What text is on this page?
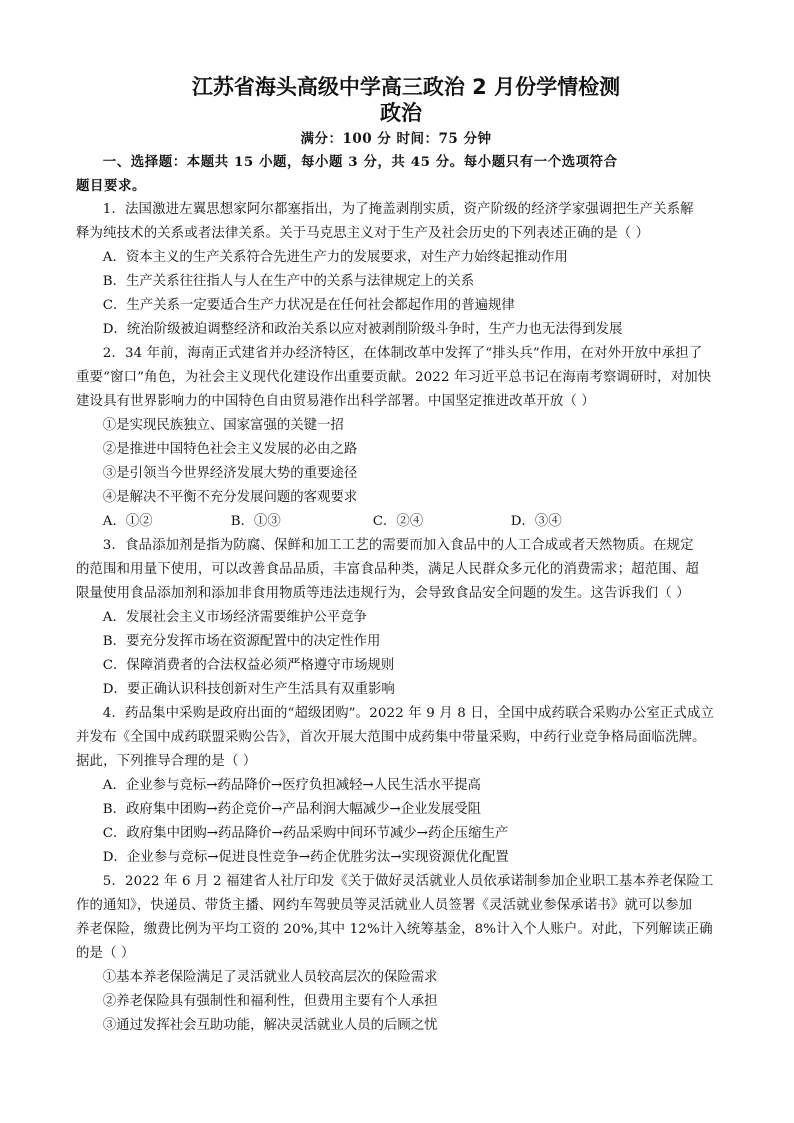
江苏省海头高级中学高三政治 2 月份学情检测
政治
满分：100 分 时间：75 分钟

一、选择题：本题共 15 小题，每小题 3 分，共 45 分。每小题只有一个选项符合

题目要求。

1．法国激进左翼思想家阿尔都塞指出，为了掩盖剥削实质，资产阶级的经济学家强调把生产关系解

释为纯技术的关系或者法律关系。关于马克思主义对于生产及社会历史的下列表述正确的是（ ）

A．资本主义的生产关系符合先进生产力的发展要求，对生产力始终起推动作用

B．生产关系往往指人与人在生产中的关系与法律规定上的关系

C．生产关系一定要适合生产力状况是在任何社会都起作用的普遍规律

D．统治阶级被迫调整经济和政治关系以应对被剥削阶级斗争时，生产力也无法得到发展

2．34 年前，海南正式建省并办经济特区，在体制改革中发挥了“排头兵”作用，在对外开放中承担了

重要“窗口”角色，为社会主义现代化建设作出重要贡献。2022 年习近平总书记在海南考察调研时，对加快

建设具有世界影响力的中国特色自由贸易港作出科学部署。中国坚定推进改革开放（ ）

①是实现民族独立、国家富强的关键一招

②是推进中国特色社会主义发展的必由之路

③是引领当今世界经济发展大势的重要途径

④是解决不平衡不充分发展问题的客观要求

A．①②	B．①③	C．②④	D．③④

3．食品添加剂是指为防腐、保鲜和加工工艺的需要而加入食品中的人工合成或者天然物质。在规定

的范围和用量下使用，可以改善食品品质，丰富食品种类，满足人民群众多元化的消费需求；超范围、超

限量使用食品添加剂和添加非食用物质等违法违规行为，会导致食品安全问题的发生。这告诉我们（ ）

A．发展社会主义市场经济需要维护公平竞争

B．要充分发挥市场在资源配置中的决定性作用

C．保障消费者的合法权益必须严格遵守市场规则

D．要正确认识科技创新对生产生活具有双重影响

4．药品集中采购是政府出面的“超级团购”。2022 年 9 月 8 日，全国中成药联合采购办公室正式成立

并发布《全国中成药联盟采购公告》，首次开展大范围中成药集中带量采购，中药行业竞争格局面临洗牌。

据此，下列推导合理的是（ ）

A．企业参与竞标→药品降价→医疗负担减轻→人民生活水平提高

B．政府集中团购→药企竞价→产品利润大幅减少→企业发展受阻

C．政府集中团购→药品降价→药品采购中间环节减少→药企压缩生产

D．企业参与竞标→促进良性竞争→药企优胜劣汰→实现资源优化配置

5．2022 年 6 月 2 福建省人社厅印发《关于做好灵活就业人员依承诺制参加企业职工基本养老保险工

作的通知》，快递员、带货主播、网约车驾驶员等灵活就业人员签署《灵活就业参保承诺书》就可以参加

养老保险，缴费比例为平均工资的 20%,其中 12%计入统筹基金，8%计入个人账户。对此，下列解读正确

的是（ ）

①基本养老保险满足了灵活就业人员较高层次的保险需求

②养老保险具有强制性和福利性，但费用主要有个人承担

③通过发挥社会互助功能，解决灵活就业人员的后顾之忧
